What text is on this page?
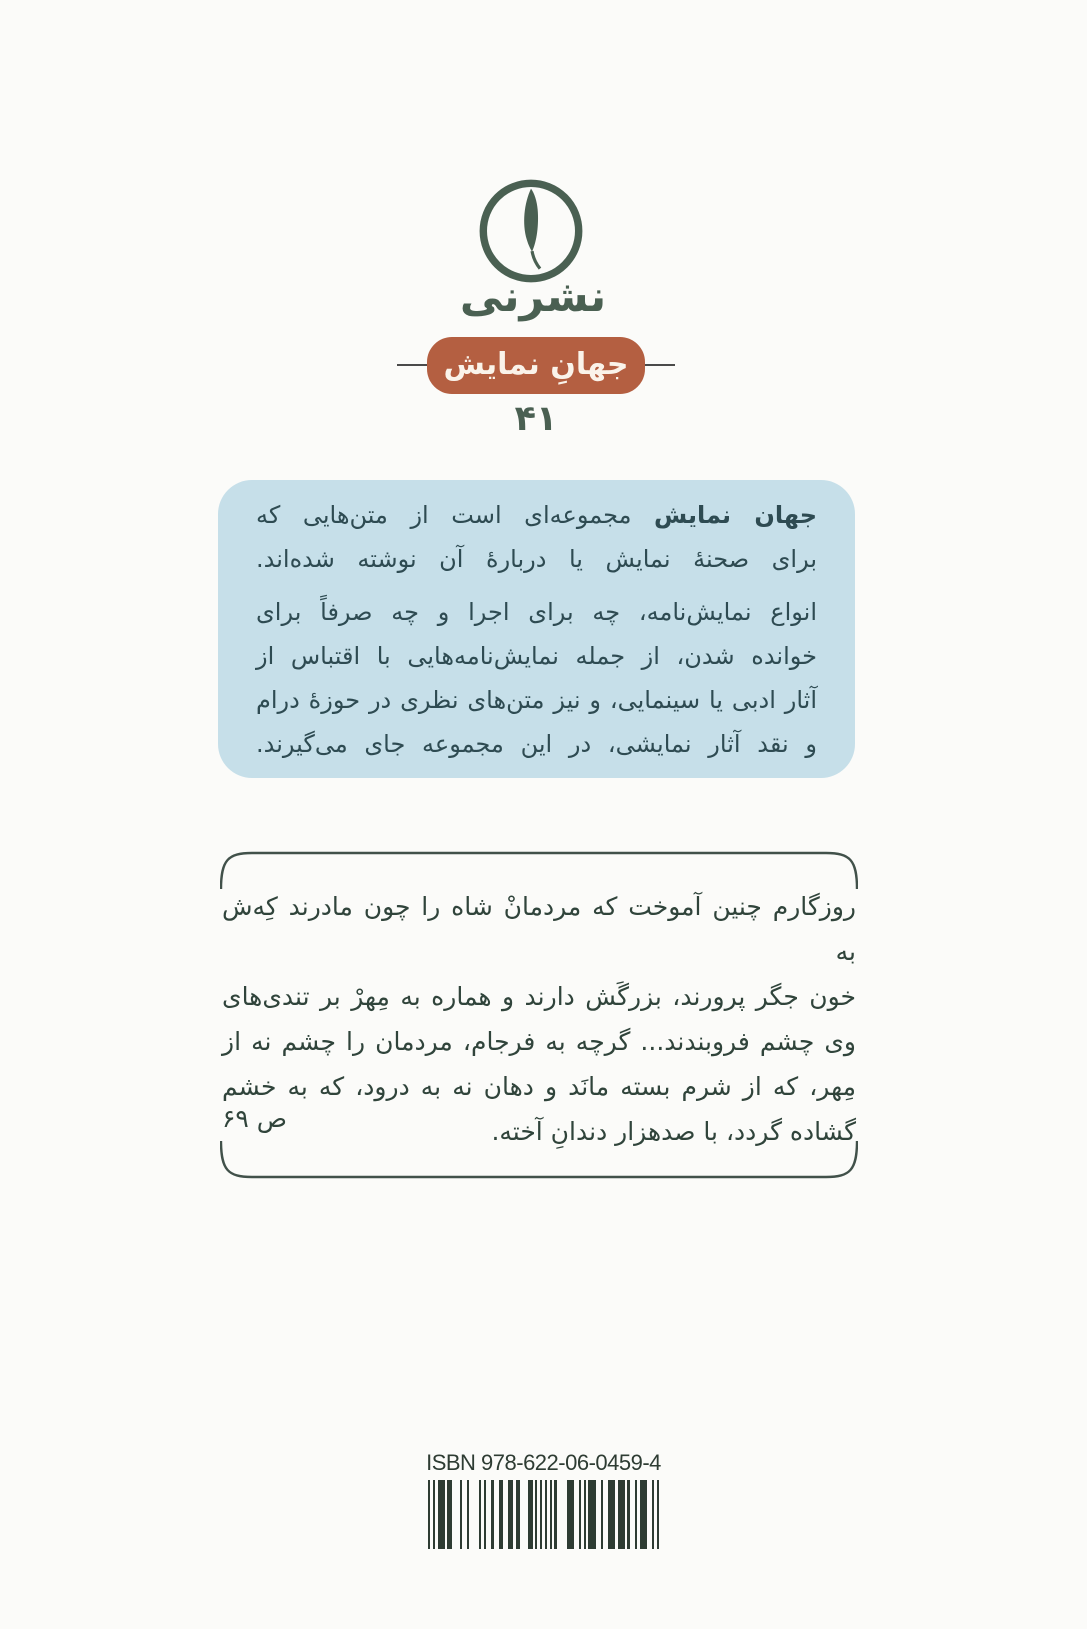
نشرنی
جهانِ نمایش
۴۱

جهان نمایش مجموعه‌ای است از متن‌هایی که

برای صحنۀ نمایش یا دربارۀ آن نوشته شده‌اند.

انواع نمایش‌نامه، چه برای اجرا و چه صرفاً برای

خوانده شدن، از جمله نمایش‌نامه‌هایی با اقتباس از

آثار ادبی یا سینمایی، و نیز متن‌های نظری در حوزۀ درام

و نقد آثار نمایشی، در این مجموعه جای می‌گیرند.

روزگارم چنین آموخت که مردمانْ شاه را چون مادرند کِه‌ش به

خون جگر پرورند، بزرگَش دارند و هماره به مِهرْ بر تندی‌های

وی چشم فروبندند... گرچه به فرجام، مردمان را چشم نه از

مِهر، که از شرم بسته مانَد و دهان نه به درود، که به خشم

گشاده گردد، با صدهزار دندانِ آخته.

ص ۶۹
ISBN 978-622-06-0459-4
